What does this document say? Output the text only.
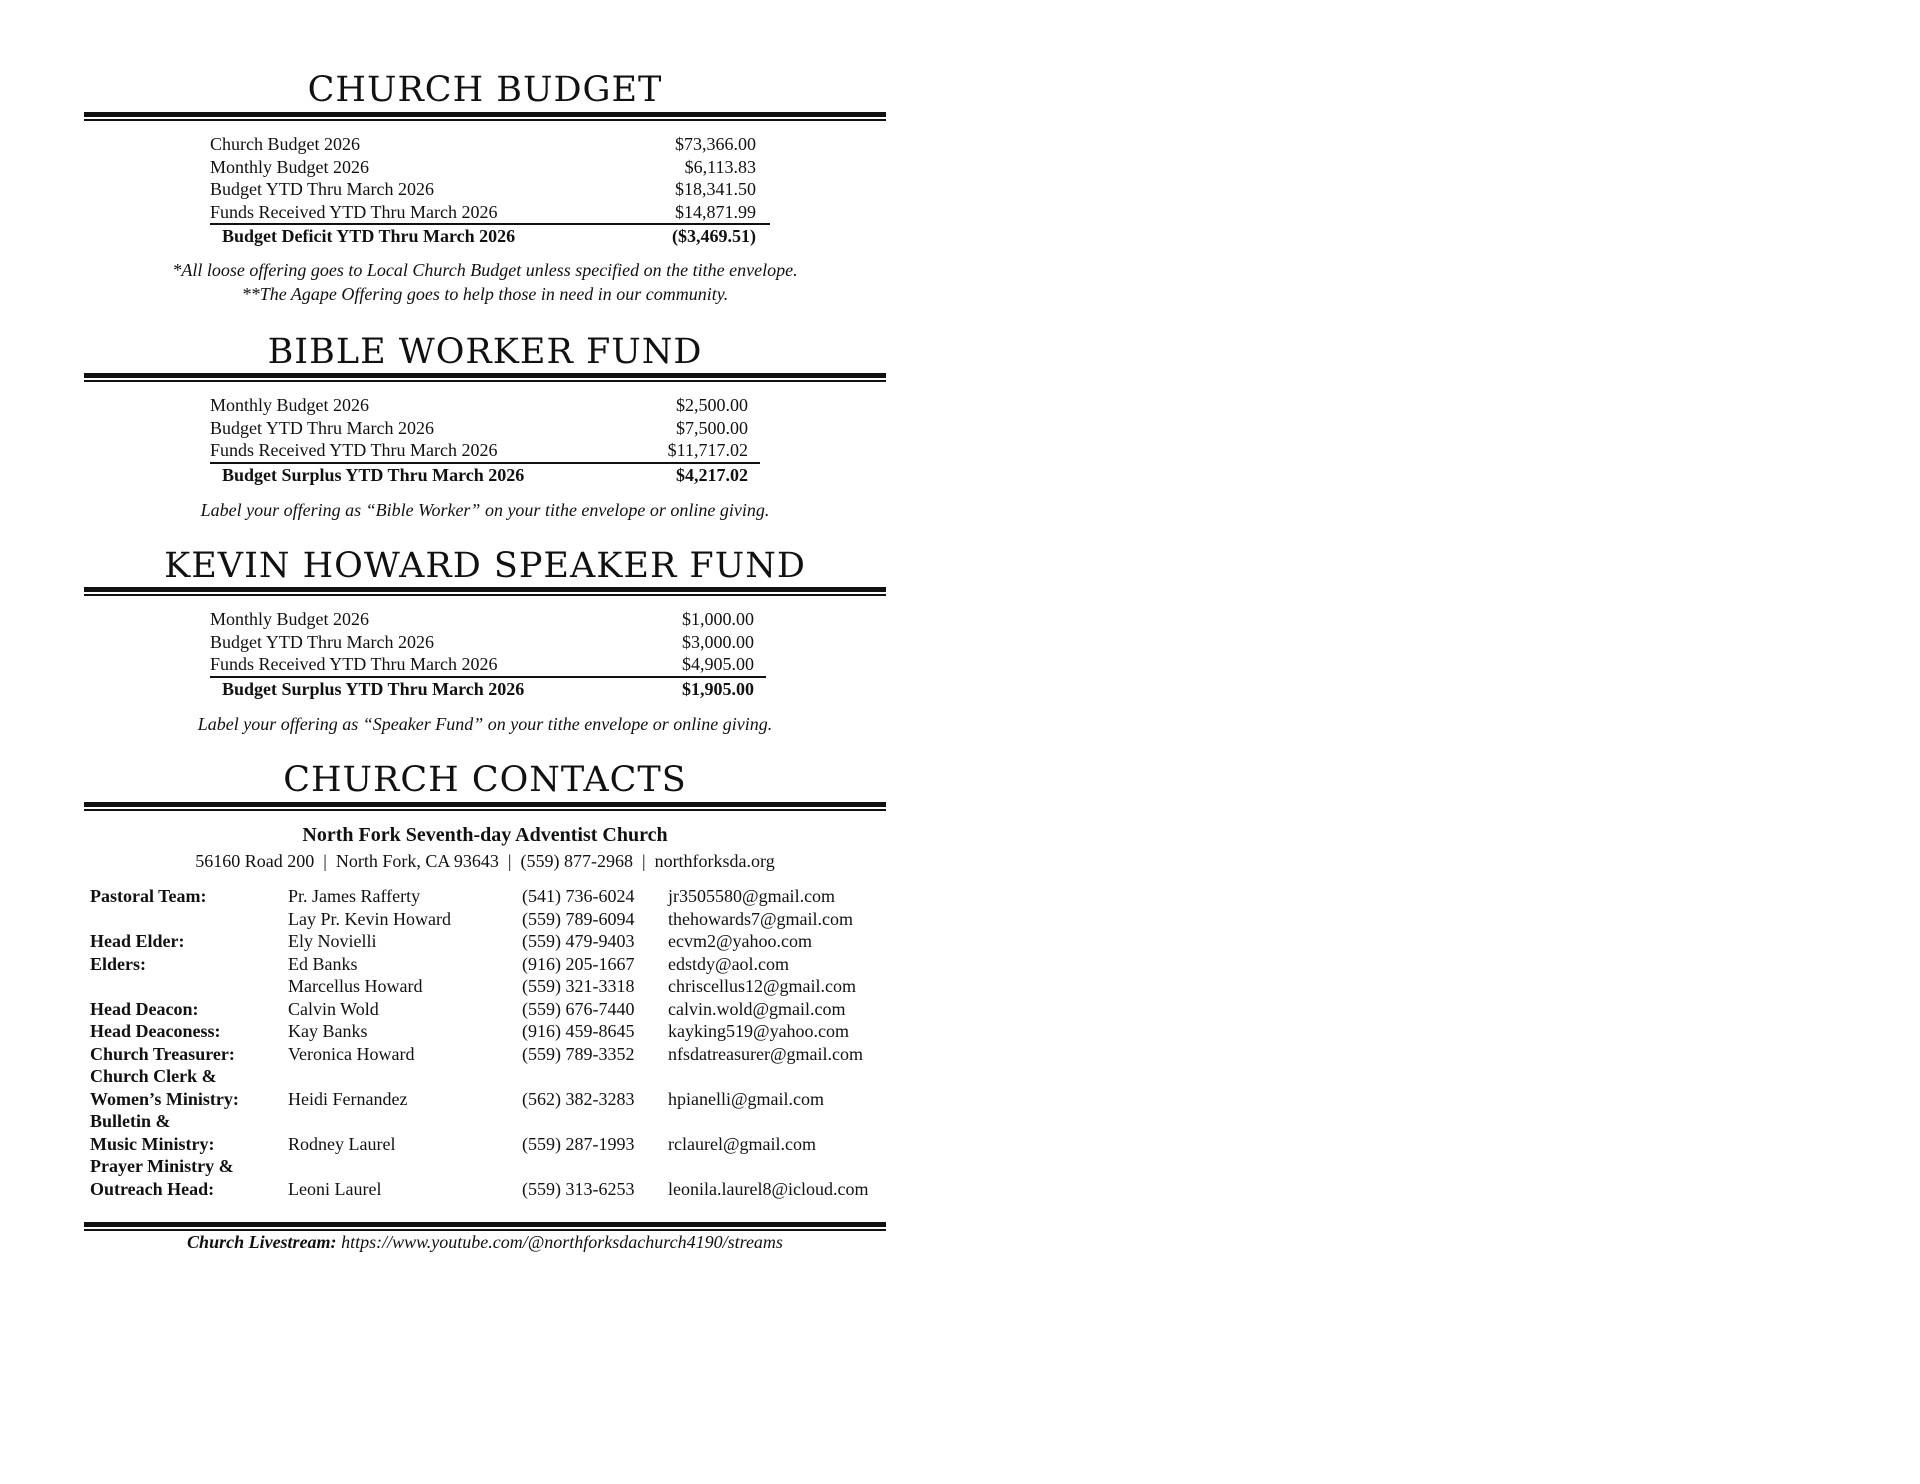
CHURCH BUDGET
Church Budget 2026	$73,366.00
Monthly Budget 2026	$6,113.83
Budget YTD Thru March 2026	$18,341.50
Funds Received YTD Thru March 2026	$14,871.99
Budget Deficit YTD Thru March 2026	($3,469.51)
*All loose offering goes to Local Church Budget unless specified on the tithe envelope.
**The Agape Offering goes to help those in need in our community.
BIBLE WORKER FUND
Monthly Budget 2026	$2,500.00
Budget YTD Thru March 2026	$7,500.00
Funds Received YTD Thru March 2026	$11,717.02
Budget Surplus YTD Thru March 2026	$4,217.02
Label your offering as “Bible Worker” on your tithe envelope or online giving.
KEVIN HOWARD SPEAKER FUND
Monthly Budget 2026	$1,000.00
Budget YTD Thru March 2026	$3,000.00
Funds Received YTD Thru March 2026	$4,905.00
Budget Surplus YTD Thru March 2026	$1,905.00
Label your offering as “Speaker Fund” on your tithe envelope or online giving.
CHURCH CONTACTS
North Fork Seventh-day Adventist Church
56160 Road 200  |  North Fork, CA 93643  |  (559) 877-2968  |  northforksda.org
Pastoral Team:	Pr. James Rafferty	(541) 736-6024 jr3505580@gmail.com
Lay Pr. Kevin Howard	(559) 789-6094 thehowards7@gmail.com
Head Elder:	Ely Novielli	(559) 479-9403 ecvm2@yahoo.com
Elders:	Ed Banks	(916) 205-1667 edstdy@aol.com
Marcellus Howard	(559) 321-3318 chriscellus12@gmail.com
Head Deacon:	Calvin Wold	(559) 676-7440 calvin.wold@gmail.com
Head Deaconess:	Kay Banks	(916) 459-8645 kayking519@yahoo.com
Church Treasurer:	Veronica Howard	(559) 789-3352 nfsdatreasurer@gmail.com
Church Clerk &
Women’s Ministry:	Heidi Fernandez	(562) 382-3283 hpianelli@gmail.com
Bulletin &
Music Ministry:	Rodney Laurel	(559) 287-1993 rclaurel@gmail.com
Prayer Ministry &
Outreach Head:	Leoni Laurel	(559) 313-6253 leonila.laurel8@icloud.com
Church Livestream: https://www.youtube.com/@northforksdachurch4190/streams
